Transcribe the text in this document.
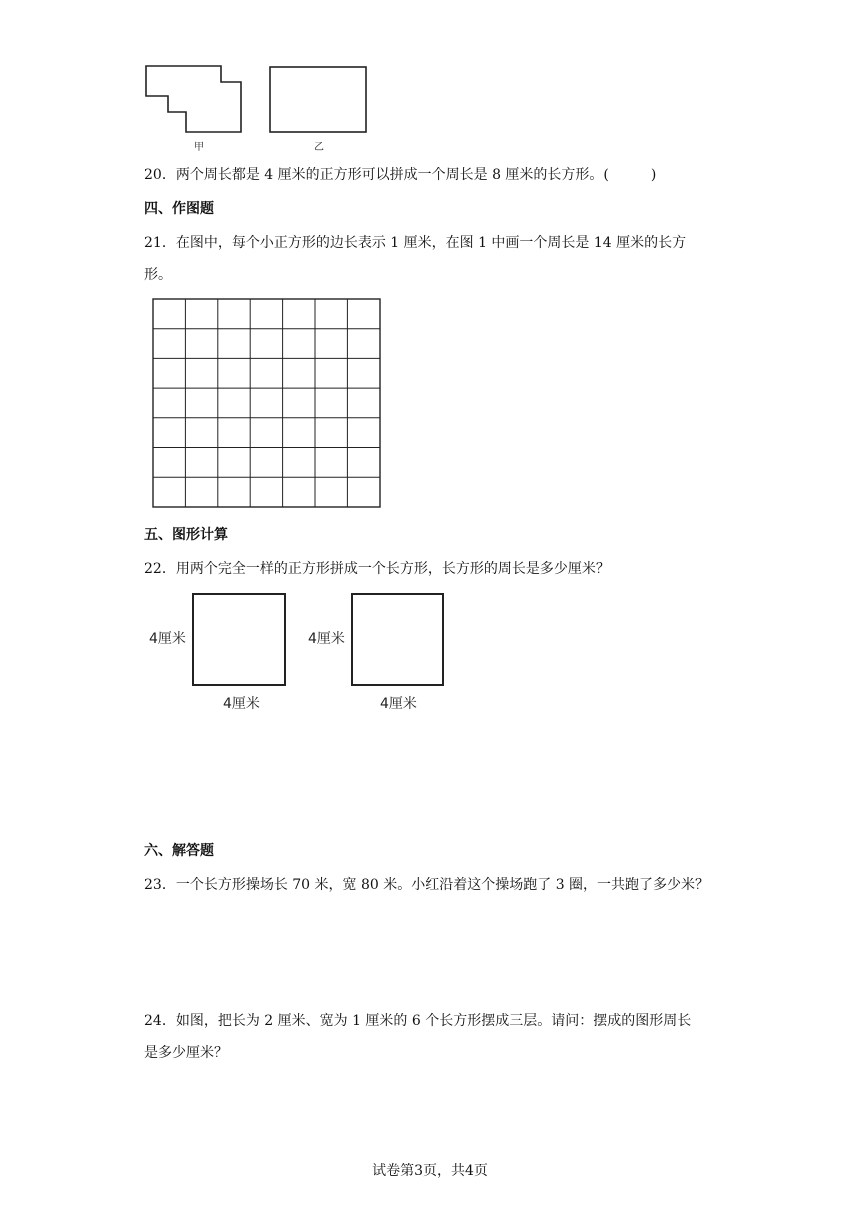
甲	乙
20．两个周长都是 4 厘米的正方形可以拼成一个周长是 8 厘米的长方形。(　　　)
四、作图题
21．在图中，每个小正方形的边长表示 1 厘米，在图 1 中画一个周长是 14 厘米的长方
形。
五、图形计算
22．用两个完全一样的正方形拼成一个长方形，长方形的周长是多少厘米？
4厘米
4厘米
4厘米
4厘米
六、解答题
23．一个长方形操场长 70 米，宽 80 米。小红沿着这个操场跑了 3 圈，一共跑了多少米？
24．如图，把长为 2 厘米、宽为 1 厘米的 6 个长方形摆成三层。请问：摆成的图形周长
是多少厘米？
试卷第3页，共4页
